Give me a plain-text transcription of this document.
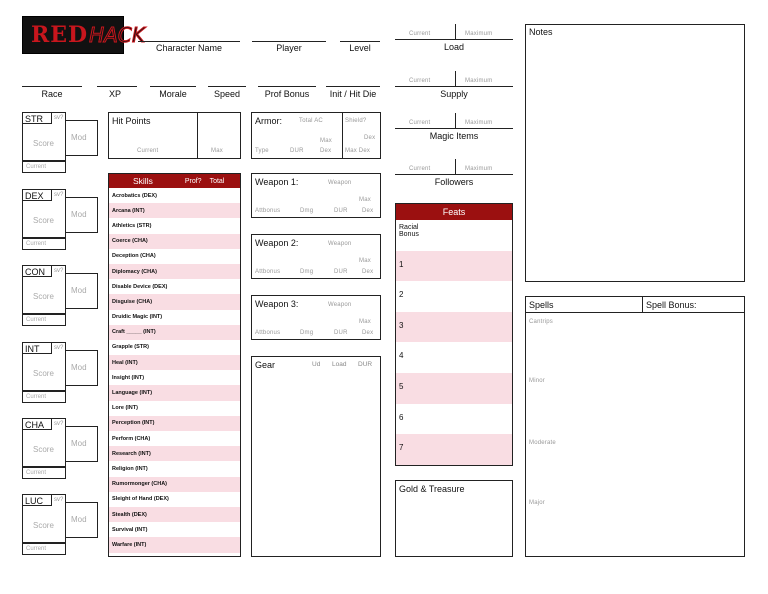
RED HACK
Character Name	Player	Level
Race	XP	Morale	Speed	Prof Bonus	Init / Hit Die
Current	Maximum
Load
Current	Maximum
Supply
Current	Maximum
Magic Items
Current	Maximum
Followers
Notes
STR	sv?
Score
Mod
Current
DEX	sv?
Score
Mod
Current
CON	sv?
Score
Mod
Current
INT	sv?
Score
Mod
Current
CHA	sv?
Score
Mod
Current
LUC	sv?
Score
Mod
Current
Hit Points
Current	Max
Skills	Prof? Total
Acrobatics (DEX)
Arcana (INT)
Athletics (STR)
Coerce (CHA)
Deception (CHA)
Diplomacy (CHA)
Disable Device (DEX)
Disguise (CHA)
Druidic Magic (INT)
Craft _____ (INT)
Grapple (STR)
Heal (INT)
Insight (INT)
Language (INT)
Lore (INT)
Perception (INT)
Perform (CHA)
Research (INT)
Religion (INT)
Rumormonger (CHA)
Sleight of Hand (DEX)
Stealth (DEX)
Survival (INT)
Warfare (INT)
Armor:	Total AC	Shield?
Max	Dex
Type	DUR	Dex Max Dex
Weapon 1:	Weapon
Max
Attbonus	Dmg	DUR Dex
Weapon 2:	Weapon
Max
Attbonus	Dmg	DUR Dex
Weapon 3:	Weapon
Max
Attbonus	Dmg	DUR Dex
Gear	Ud Load DUR
Feats
Racial
Bonus
1
2
3
4
5
6
7
Gold & Treasure
Spells	Spell Bonus:
Cantrips
Minor
Moderate
Major
